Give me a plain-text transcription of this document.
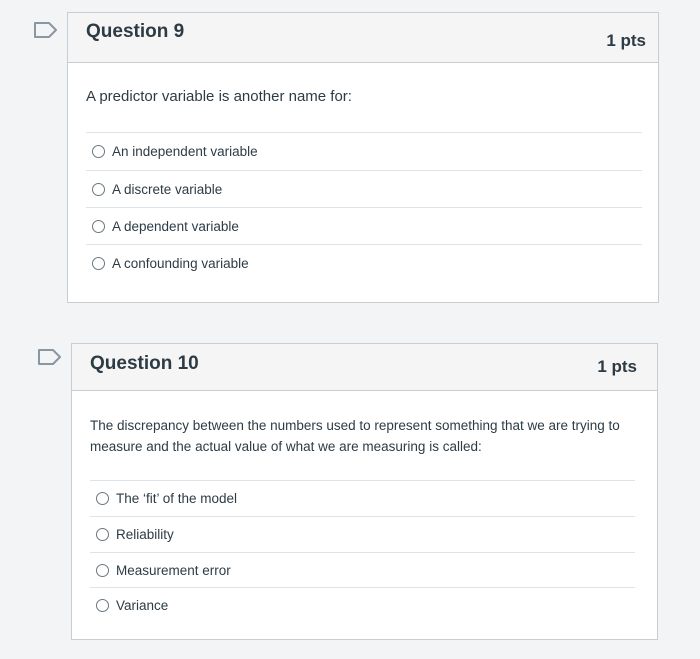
Question 9	1 pts
A predictor variable is another name for:
An independent variable
A discrete variable
A dependent variable
A confounding variable
Question 10	1 pts
The discrepancy between the numbers used to represent something that we are trying to
measure and the actual value of what we are measuring is called:
The ‘fit’ of the model
Reliability
Measurement error
Variance
